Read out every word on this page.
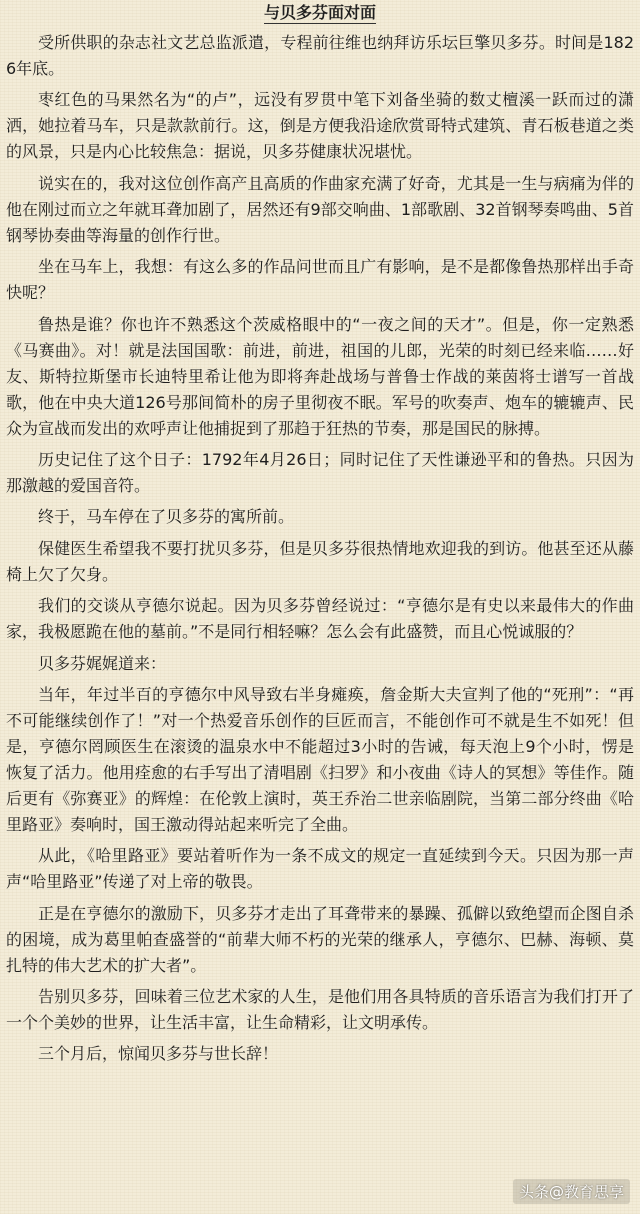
与贝多芬面对面

受所供职的杂志社文艺总监派遣，专程前往维也纳拜访乐坛巨擎贝多芬。时间是1826年底。

枣红色的马果然名为“的卢”，远没有罗贯中笔下刘备坐骑的数丈檀溪一跃而过的潇洒，她拉着马车，只是款款前行。这，倒是方便我沿途欣赏哥特式建筑、青石板巷道之类的风景，只是内心比较焦急：据说，贝多芬健康状况堪忧。

说实在的，我对这位创作高产且高质的作曲家充满了好奇，尤其是一生与病痛为伴的他在刚过而立之年就耳聋加剧了，居然还有9部交响曲、1部歌剧、32首钢琴奏鸣曲、5首钢琴协奏曲等海量的创作行世。

坐在马车上，我想：有这么多的作品问世而且广有影响，是不是都像鲁热那样出手奇快呢？

鲁热是谁？你也许不熟悉这个茨威格眼中的“一夜之间的天才”。但是，你一定熟悉《马赛曲》。对！就是法国国歌：前进，前进，祖国的儿郎，光荣的时刻已经来临……好友、斯特拉斯堡市长迪特里希让他为即将奔赴战场与普鲁士作战的莱茵将士谱写一首战歌，他在中央大道126号那间简朴的房子里彻夜不眠。军号的吹奏声、炮车的辘辘声、民众为宣战而发出的欢呼声让他捕捉到了那趋于狂热的节奏，那是国民的脉搏。

历史记住了这个日子：1792年4月26日；同时记住了天性谦逊平和的鲁热。只因为那激越的爱国音符。

终于，马车停在了贝多芬的寓所前。

保健医生希望我不要打扰贝多芬，但是贝多芬很热情地欢迎我的到访。他甚至还从藤椅上欠了欠身。

我们的交谈从亨德尔说起。因为贝多芬曾经说过：“亨德尔是有史以来最伟大的作曲家，我极愿跪在他的墓前。”不是同行相轻嘛？怎么会有此盛赞，而且心悦诚服的？

贝多芬娓娓道来：

当年，年过半百的亨德尔中风导致右半身瘫痪，詹金斯大夫宣判了他的“死刑”：“再不可能继续创作了！”对一个热爱音乐创作的巨匠而言，不能创作可不就是生不如死！但是，亨德尔罔顾医生在滚烫的温泉水中不能超过3小时的告诫，每天泡上9个小时，愣是恢复了活力。他用痊愈的右手写出了清唱剧《扫罗》和小夜曲《诗人的冥想》等佳作。随后更有《弥赛亚》的辉煌：在伦敦上演时，英王乔治二世亲临剧院，当第二部分终曲《哈里路亚》奏响时，国王激动得站起来听完了全曲。

从此，《哈里路亚》要站着听作为一条不成文的规定一直延续到今天。只因为那一声声“哈里路亚”传递了对上帝的敬畏。

正是在亨德尔的激励下，贝多芬才走出了耳聋带来的暴躁、孤僻以致绝望而企图自杀的困境，成为葛里帕查盛誉的“前辈大师不朽的光荣的继承人，亨德尔、巴赫、海顿、莫扎特的伟大艺术的扩大者”。

告别贝多芬，回味着三位艺术家的人生，是他们用各具特质的音乐语言为我们打开了一个个美妙的世界，让生活丰富，让生命精彩，让文明承传。

三个月后，惊闻贝多芬与世长辞！

头条@教育思享
